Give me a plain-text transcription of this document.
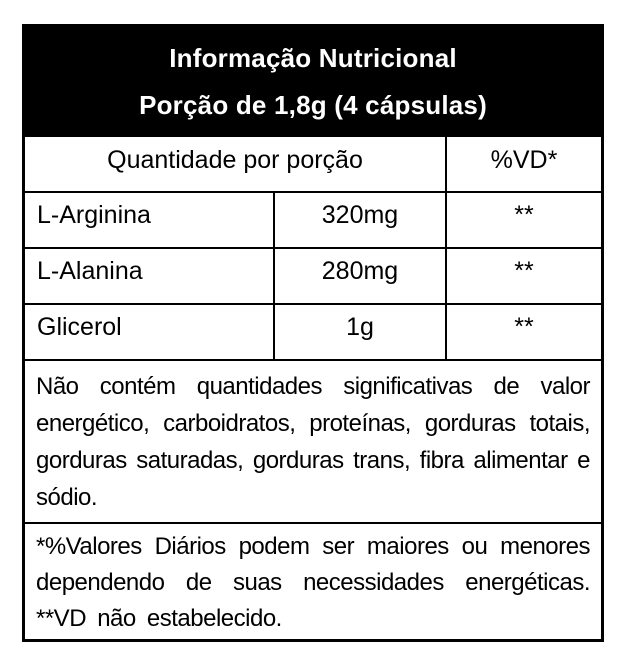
Informação Nutricional
Porção de 1,8g (4 cápsulas)
Quantidade por porção	%VD*
L-Arginina	320mg	**
L-Alanina	280mg	**
Glicerol	1g	**
Não contém quantidades significativas de valor energético, carboidratos, proteínas, gorduras totais, gorduras saturadas, gorduras trans, fibra alimentar e sódio.
*%Valores Diários podem ser maiores ou menores dependendo de suas necessidades energéticas. **VD não estabelecido.
